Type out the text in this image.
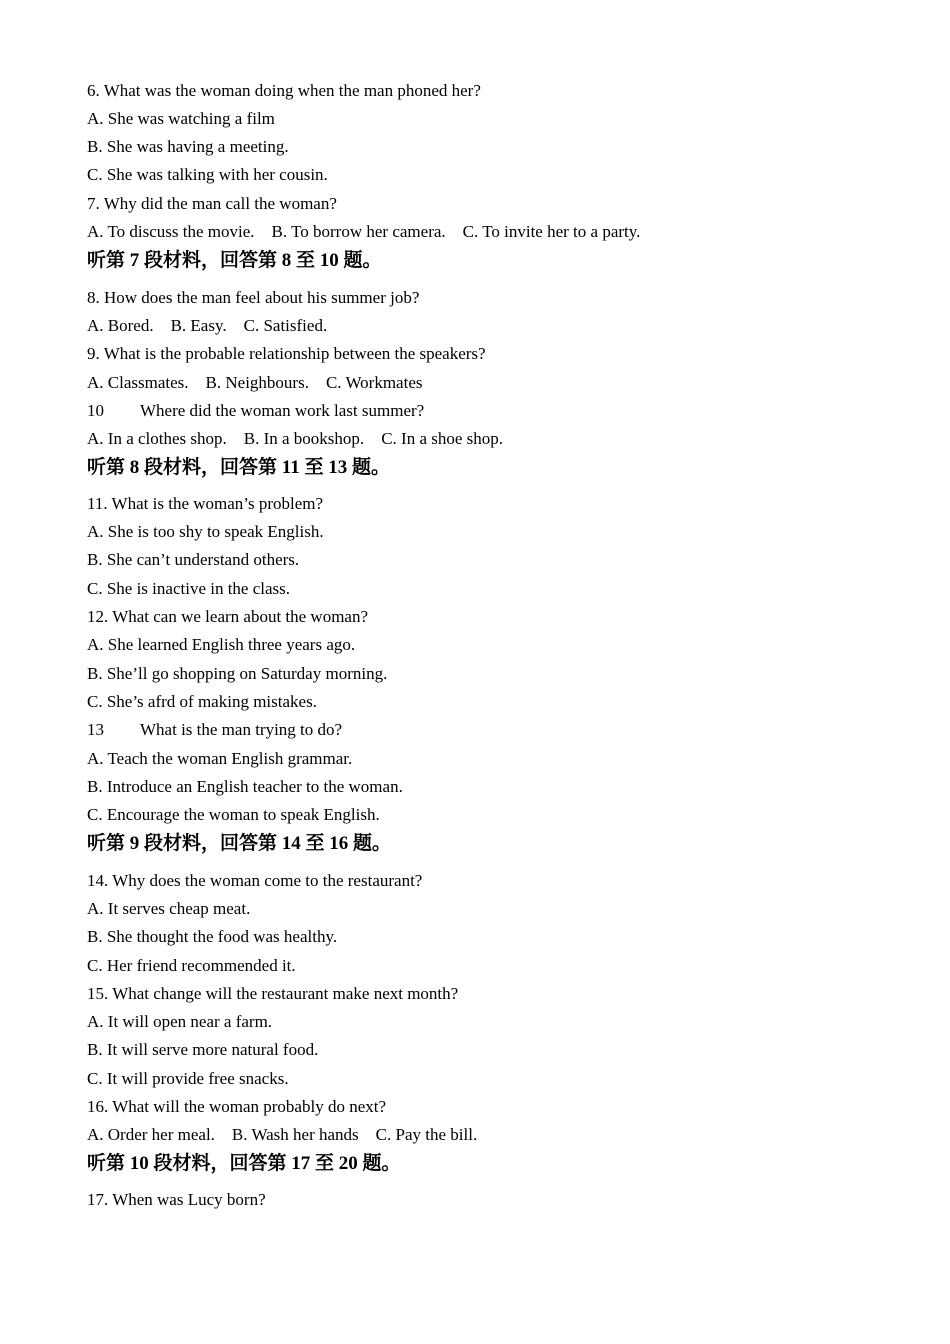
6. What was the woman doing when the man phoned her?
A. She was watching a film
B. She was having a meeting.
C. She was talking with her cousin.
7. Why did the man call the woman?
A. To discuss the movie. B. To borrow her camera. C. To invite her to a party.
听第 7 段材料，回答第 8 至 10 题。
8. How does the man feel about his summer job?
A. Bored. B. Easy. C. Satisfied.
9. What is the probable relationship between the speakers?
A. Classmates. B. Neighbours. C. Workmates
10 Where did the woman work last summer?
A. In a clothes shop. B. In a bookshop. C. In a shoe shop.
听第 8 段材料，回答第 11 至 13 题。
11. What is the woman’s problem?
A. She is too shy to speak English.
B. She can’t understand others.
C. She is inactive in the class.
12. What can we learn about the woman?
A. She learned English three years ago.
B. She’ll go shopping on Saturday morning.
C. She’s afrd of making mistakes.
13 What is the man trying to do?
A. Teach the woman English grammar.
B. Introduce an English teacher to the woman.
C. Encourage the woman to speak English.
听第 9 段材料，回答第 14 至 16 题。
14. Why does the woman come to the restaurant?
A. It serves cheap meat.
B. She thought the food was healthy.
C. Her friend recommended it.
15. What change will the restaurant make next month?
A. It will open near a farm.
B. It will serve more natural food.
C. It will provide free snacks.
16. What will the woman probably do next?
A. Order her meal. B. Wash her hands C. Pay the bill.
听第 10 段材料，回答第 17 至 20 题。
17. When was Lucy born?
